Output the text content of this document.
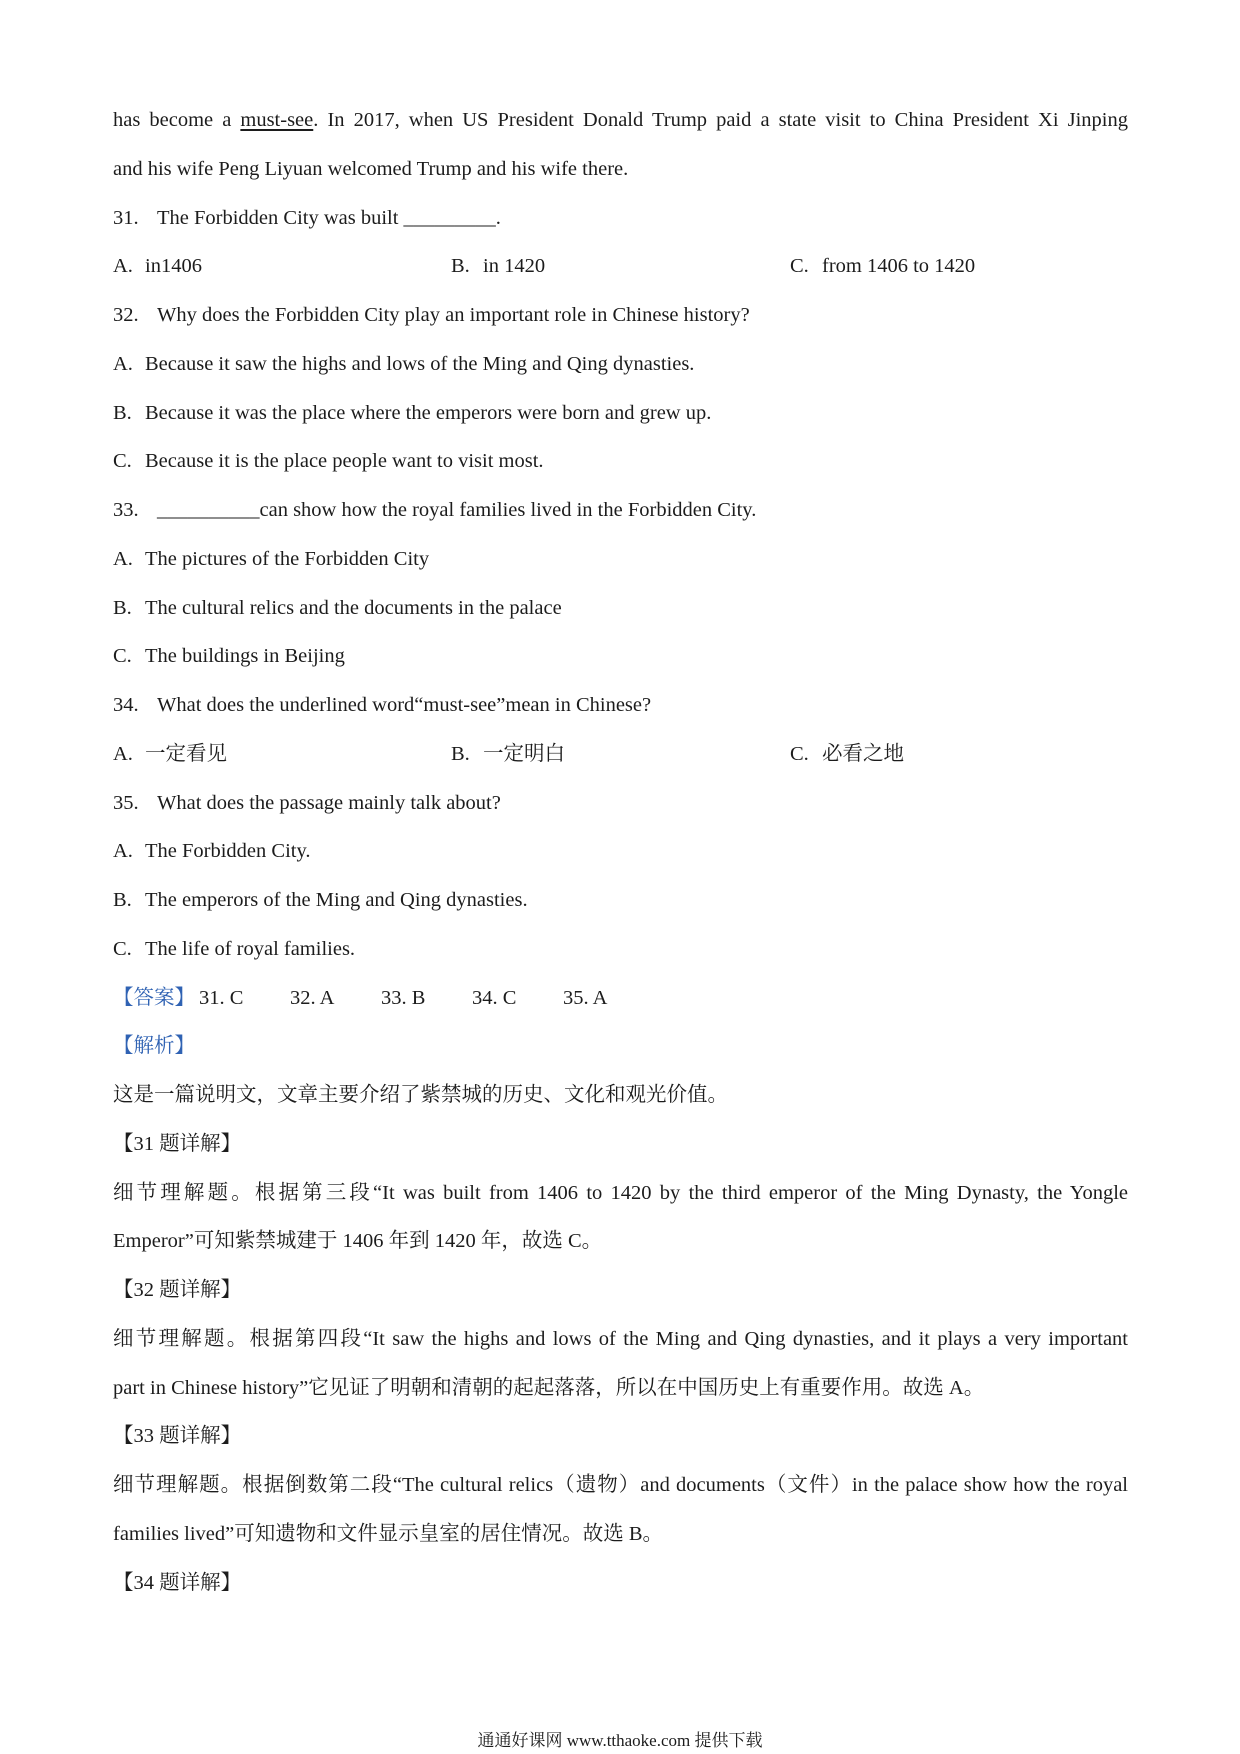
has become a must-see. In 2017, when US President Donald Trump paid a state visit to China President Xi Jinping
and his wife Peng Liyuan welcomed Trump and his wife there.
31. The Forbidden City was built _________.
A. in1406	B. in 1420	C. from 1406 to 1420
32. Why does the Forbidden City play an important role in Chinese history?
A. Because it saw the highs and lows of the Ming and Qing dynasties.
B. Because it was the place where the emperors were born and grew up.
C. Because it is the place people want to visit most.
33. __________can show how the royal families lived in the Forbidden City.
A. The pictures of the Forbidden City
B. The cultural relics and the documents in the palace
C. The buildings in Beijing
34. What does the underlined word“must-see”mean in Chinese?
A. 一定看见	B. 一定明白	C. 必看之地
35. What does the passage mainly talk about?
A. The Forbidden City.
B. The emperors of the Ming and Qing dynasties.
C. The life of royal families.
【答案】 31. C 32. A 33. B 34. C 35. A
【解析】
这是一篇说明文，文章主要介绍了紫禁城的历史、文化和观光价值。
【31 题详解】
细节理解题。根据第三段“It was built from 1406 to 1420 by the third emperor of the Ming Dynasty, the Yongle
Emperor”可知紫禁城建于 1406 年到 1420 年，故选 C。
【32 题详解】
细节理解题。根据第四段“It saw the highs and lows of the Ming and Qing dynasties, and it plays a very important
part in Chinese history”它见证了明朝和清朝的起起落落，所以在中国历史上有重要作用。故选 A。
【33 题详解】
细节理解题。根据倒数第二段“The cultural relics（遗物）and documents（文件）in the palace show how the royal
families lived”可知遗物和文件显示皇室的居住情况。故选 B。
【34 题详解】
通通好课网 www.tthaoke.com 提供下载
